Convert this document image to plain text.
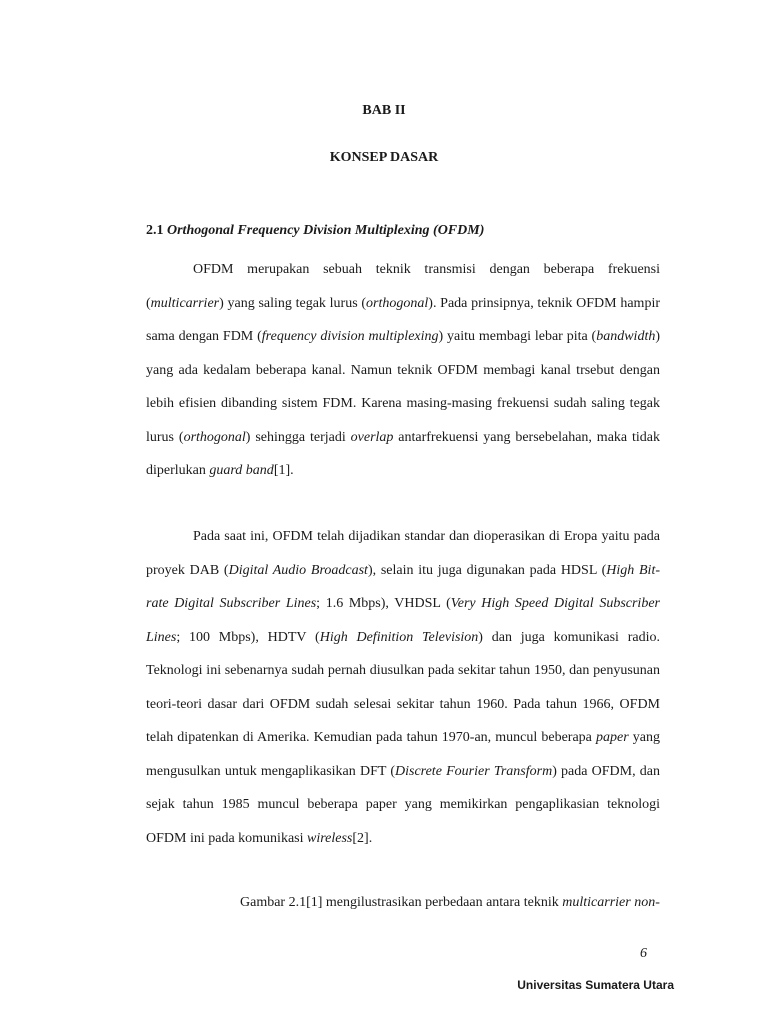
BAB II
KONSEP DASAR

2.1 Orthogonal Frequency Division Multiplexing (OFDM)

OFDM merupakan sebuah teknik transmisi dengan beberapa frekuensi (multicarrier) yang saling tegak lurus (orthogonal). Pada prinsipnya, teknik OFDM hampir sama dengan FDM (frequency division multiplexing) yaitu membagi lebar pita (bandwidth) yang ada kedalam beberapa kanal. Namun teknik OFDM membagi kanal trsebut dengan lebih efisien dibanding sistem FDM. Karena masing-masing frekuensi sudah saling tegak lurus (orthogonal) sehingga terjadi overlap antarfrekuensi yang bersebelahan, maka tidak diperlukan guard band[1].

Pada saat ini, OFDM telah dijadikan standar dan dioperasikan di Eropa yaitu pada proyek DAB (Digital Audio Broadcast), selain itu juga digunakan pada HDSL (High Bit-rate Digital Subscriber Lines; 1.6 Mbps), VHDSL (Very High Speed Digital Subscriber Lines; 100 Mbps), HDTV (High Definition Television) dan juga komunikasi radio. Teknologi ini sebenarnya sudah pernah diusulkan pada sekitar tahun 1950, dan penyusunan teori-teori dasar dari OFDM sudah selesai sekitar tahun 1960. Pada tahun 1966, OFDM telah dipatenkan di Amerika. Kemudian pada tahun 1970-an, muncul beberapa paper yang mengusulkan untuk mengaplikasikan DFT (Discrete Fourier Transform) pada OFDM, dan sejak tahun 1985 muncul beberapa paper yang memikirkan pengaplikasian teknologi OFDM ini pada komunikasi wireless[2].

Gambar 2.1[1] mengilustrasikan perbedaan antara teknik multicarrier non-

6

Universitas Sumatera Utara
